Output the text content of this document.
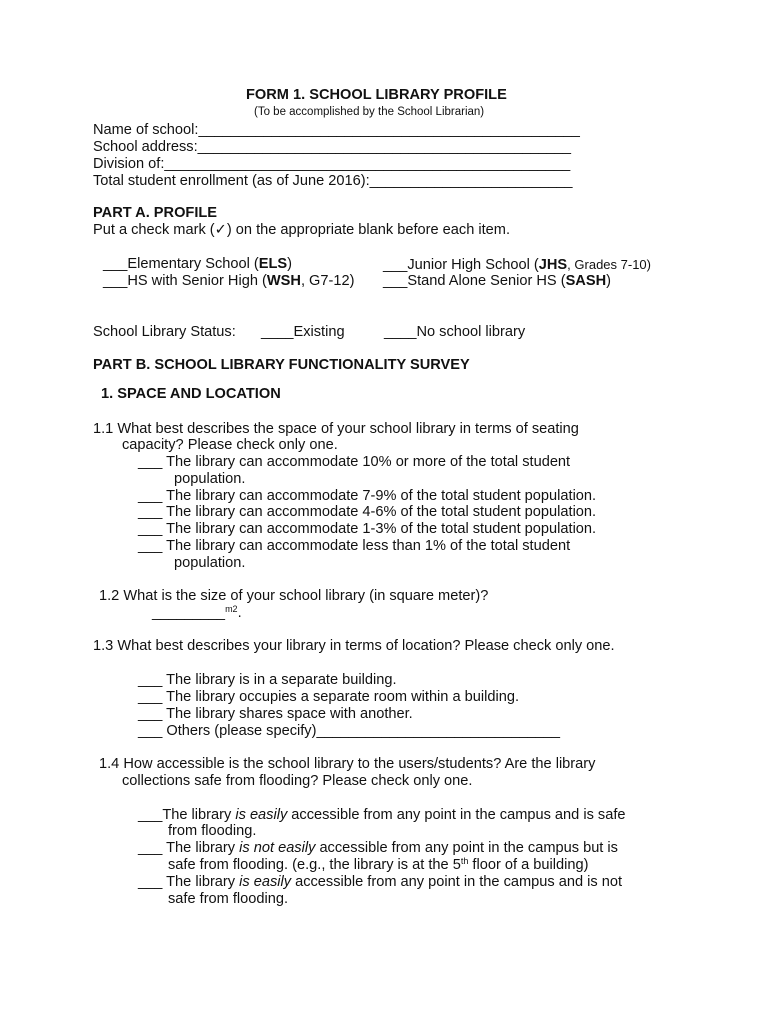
FORM 1. SCHOOL LIBRARY PROFILE
(To be accomplished by the School Librarian)
Name of school:_______________________________________________
School address:______________________________________________
Division of:__________________________________________________
Total student enrollment (as of June 2016):_________________________
PART A. PROFILE
Put a check mark (✓) on the appropriate blank before each item.
___Elementary School (ELS)	___Junior High School (JHS, Grades 7-10)
___HS with Senior High (WSH, G7-12) ___Stand Alone Senior HS (SASH)
School Library Status: ____Existing	____No school library
PART B. SCHOOL LIBRARY FUNCTIONALITY SURVEY
1. SPACE AND LOCATION
1.1 What best describes the space of your school library in terms of seating
capacity? Please check only one.
___ The library can accommodate 10% or more of the total student
population.
___ The library can accommodate 7-9% of the total student population.
___ The library can accommodate 4-6% of the total student population.
___ The library can accommodate 1-3% of the total student population.
___ The library can accommodate less than 1% of the total student
population.
1.2 What is the size of your school library (in square meter)?
_________$^{m2}$.
1.3 What best describes your library in terms of location? Please check only one.
___ The library is in a separate building.
___ The library occupies a separate room within a building.
___ The library shares space with another.
___ Others (please specify)______________________________
1.4 How accessible is the school library to the users/students? Are the library
collections safe from flooding? Please check only one.
___The library is easily accessible from any point in the campus and is safe
from flooding.
___ The library is not easily accessible from any point in the campus but is
safe from flooding. (e.g., the library is at the 5th floor of a building)
___ The library is easily accessible from any point in the campus and is not
safe from flooding.
